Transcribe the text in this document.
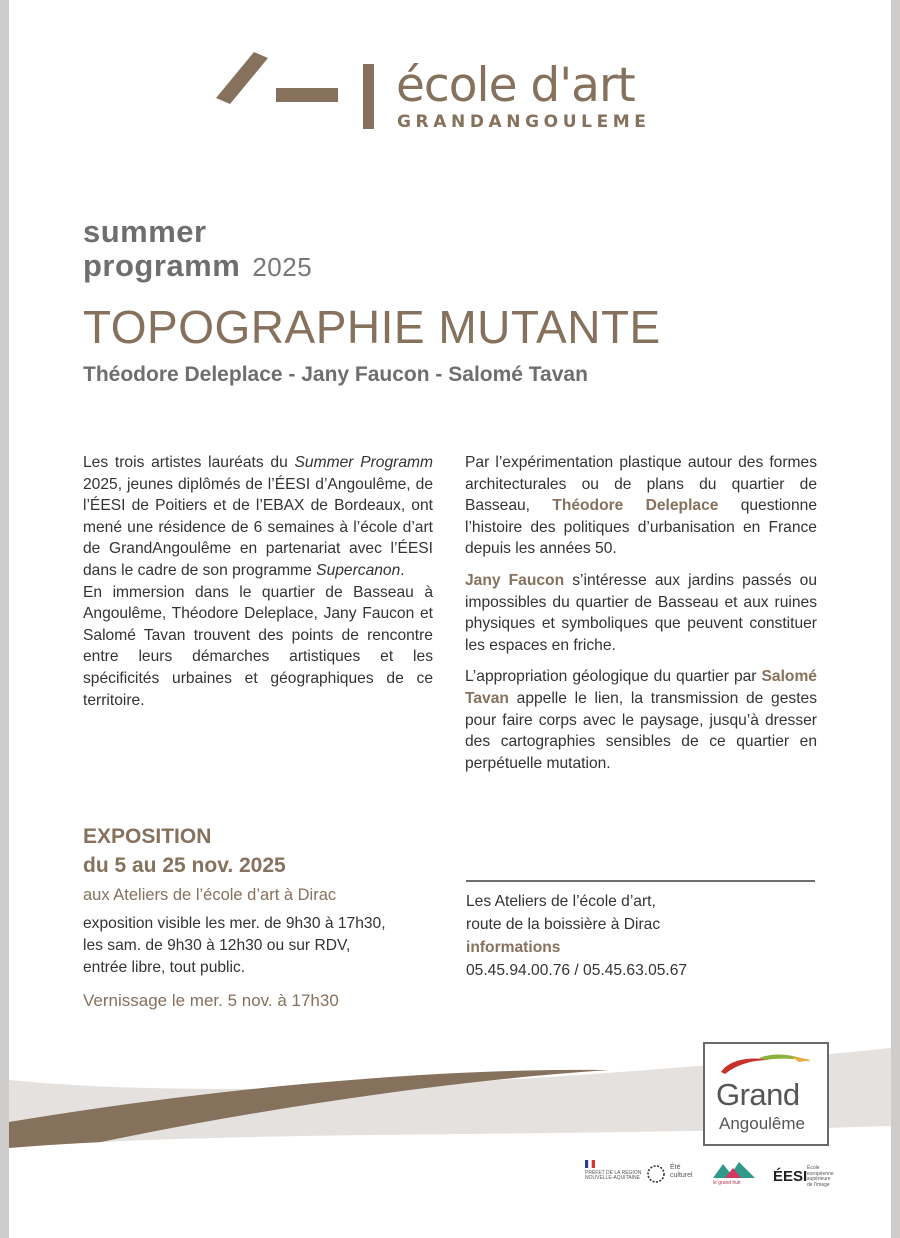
école d'art
GRANDANGOULEME
summer
programm 2025
TOPOGRAPHIE MUTANTE
Théodore Deleplace - Jany Faucon - Salomé Tavan

Les trois artistes lauréats du Summer Programm 2025, jeunes diplômés de l’ÉESI d’Angoulême, de l’ÉESI de Poitiers et de l’EBAX de Bordeaux, ont mené une résidence de 6 semaines à l’école d’art de GrandAngoulême en partenariat avec l’ÉESI dans le cadre de son programme Supercanon.

En immersion dans le quartier de Basseau à Angoulême, Théodore Deleplace, Jany Faucon et Salomé Tavan trouvent des points de rencontre entre leurs démarches artistiques et les spécificités urbaines et géographiques de ce territoire.

Par l’expérimentation plastique autour des formes architecturales ou de plans du quartier de Basseau, Théodore Deleplace questionne l’histoire des politiques d’urbanisation en France depuis les années 50.

Jany Faucon s’intéresse aux jardins passés ou impossibles du quartier de Basseau et aux ruines physiques et symboliques que peuvent constituer les espaces en friche.

L’appropriation géologique du quartier par Salomé Tavan appelle le lien, la transmission de gestes pour faire corps avec le paysage, jusqu’à dresser des cartographies sensibles de ce quartier en perpétuelle mutation.

EXPOSITION
du 5 au 25 nov. 2025
aux Ateliers de l’école d’art à Dirac
exposition visible les mer. de 9h30 à 17h30,
les sam. de 9h30 à 12h30 ou sur RDV,
entrée libre, tout public.
Vernissage le mer. 5 nov. à 17h30
Les Ateliers de l’école d’art,
route de la boissière à Dirac
informations
05.45.94.00.76 / 05.45.63.05.67
Grand
Angoulême
PRÉFET DE LA RÉGION NOUVELLE-AQUITAINE
Été
culturel
le grand huit	ÉESI École européenne supérieure de l'image
